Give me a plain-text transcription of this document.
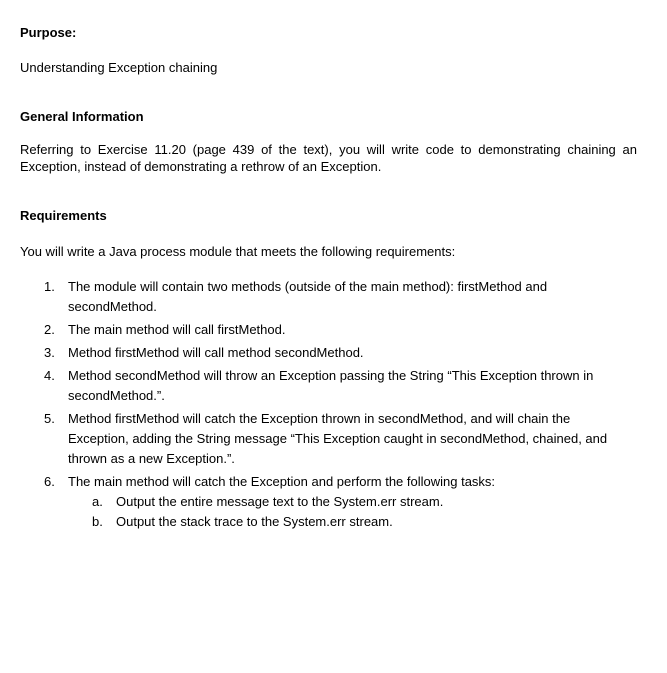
Purpose:
Understanding Exception chaining
General Information
Referring to Exercise 11.20 (page 439 of the text), you will write code to demonstrating chaining an Exception, instead of demonstrating a rethrow of an Exception.
Requirements
You will write a Java process module that meets the following requirements:
1. The module will contain two methods (outside of the main method): firstMethod and secondMethod.
2. The main method will call firstMethod.
3. Method firstMethod will call method secondMethod.
4. Method secondMethod will throw an Exception passing the String “This Exception thrown in secondMethod.”.
5. Method firstMethod will catch the Exception thrown in secondMethod, and will chain the Exception, adding the String message “This Exception caught in secondMethod, chained, and thrown as a new Exception.”.
6. The main method will catch the Exception and perform the following tasks:
a. Output the entire message text to the System.err stream.
b. Output the stack trace to the System.err stream.
